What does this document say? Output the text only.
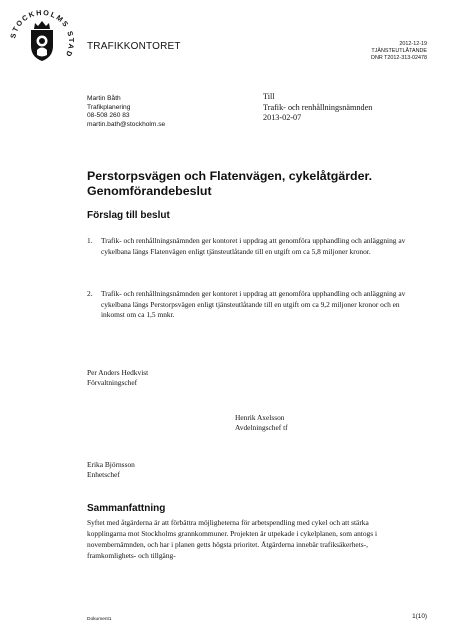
STOCKHOLMS STAD
TRAFIKKONTORET	2012-12-19
TJÄNSTEUTLÅTANDE
DNR T2012-313-02478
Martin Båth
Trafikplanering
08-508 260 83
martin.bath@stockholm.se
Till
Trafik- och renhållningsnämnden
2013-02-07
Perstorpsvägen och Flatenvägen, cykelåtgärder. Genomförandebeslut
Förslag till beslut
1.	Trafik- och renhållningsnämnden ger kontoret i uppdrag att genomföra upphandling och anläggning av cykelbana längs Flatenvägen enligt tjänsteutlåtande till en utgift om ca 5,8 miljoner kronor.
2.	Trafik- och renhållningsnämnden ger kontoret i uppdrag att genomföra upphandling och anläggning av cykelbana längs Perstorpsvägen enligt tjänsteutlåtande till en utgift om ca 9,2 miljoner kronor och en inkomst om ca 1,5 mnkr.
Per Anders Hedkvist
Förvaltningschef
Henrik Axelsson
Avdelningschef tf
Erika Björnsson
Enhetschef
Sammanfattning
Syftet med åtgärderna är att förbättra möjligheterna för arbetspendling med cykel och att stärka kopplingarna mot Stockholms grannkommuner. Projekten är utpekade i cykelplanen, som antogs i novembernämnden, och har i planen getts högsta prioritet. Åtgärderna innebär trafiksäkerhets-, framkomlighets- och tillgäng-
Dokument1	1(10)
